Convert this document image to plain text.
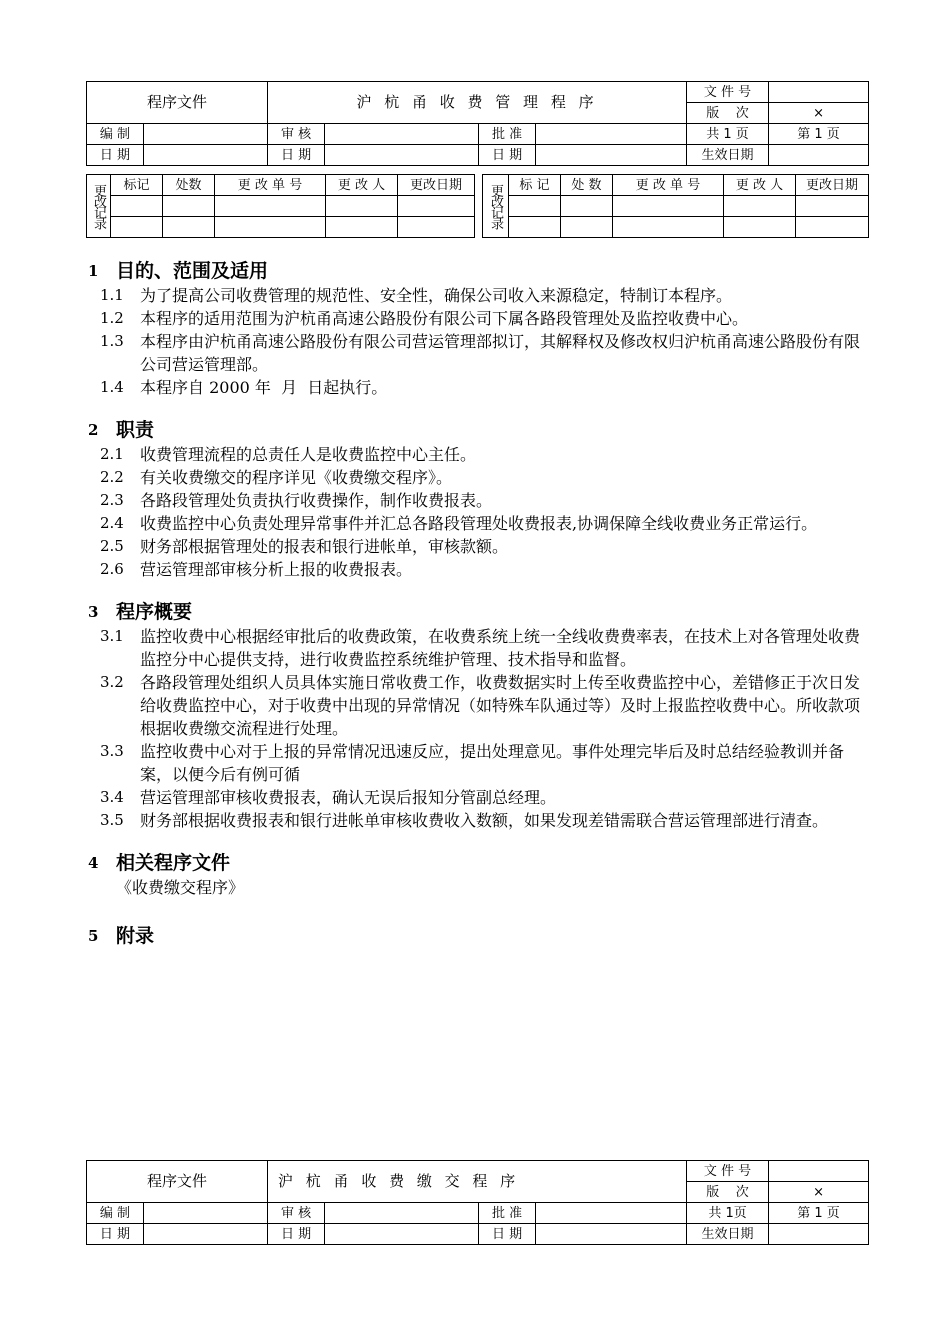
程序文件		沪 杭 甬 收 费 管 理 程 序				文 件 号	
						版    次	×
编 制		审 核		批 准		共 1 页	第 1 页
日 期		日 期		日 期		生效日期	
更改记录	标记	处数	更 改 单 号	更 改 人	更改日期

				更改记录	标 记	处 数	更 改 单 号	更 改 人	更改日期

1 目的、范围及适用
1.1	为了提高公司收费管理的规范性、安全性，确保公司收入来源稳定，特制订本程序。
1.2	本程序的适用范围为沪杭甬高速公路股份有限公司下属各路段管理处及监控收费中心。
1.3	本程序由沪杭甬高速公路股份有限公司营运管理部拟订，其解释权及修改权归沪杭甬高速公路股份有限公司营运管理部。
1.4	本程序自 2000 年  月  日起执行。
2 职责
2.1	收费管理流程的总责任人是收费监控中心主任。
2.2	有关收费缴交的程序详见《收费缴交程序》。
2.3	各路段管理处负责执行收费操作，制作收费报表。
2.4	收费监控中心负责处理异常事件并汇总各路段管理处收费报表,协调保障全线收费业务正常运行。
2.5	财务部根据管理处的报表和银行进帐单，审核款额。
2.6	营运管理部审核分析上报的收费报表。
3 程序概要
3.1	监控收费中心根据经审批后的收费政策，在收费系统上统一全线收费费率表，在技术上对各管理处收费监控分中心提供支持，进行收费监控系统维护管理、技术指导和监督。
3.2	各路段管理处组织人员具体实施日常收费工作，收费数据实时上传至收费监控中心，差错修正于次日发给收费监控中心，对于收费中出现的异常情况（如特殊车队通过等）及时上报监控收费中心。所收款项根据收费缴交流程进行处理。
3.3	监控收费中心对于上报的异常情况迅速反应，提出处理意见。事件处理完毕后及时总结经验教训并备案，以便今后有例可循
3.4	营运管理部审核收费报表，确认无误后报知分管副总经理。
3.5	财务部根据收费报表和银行进帐单审核收费收入数额，如果发现差错需联合营运管理部进行清查。
4 相关程序文件
《收费缴交程序》
5 附录
程序文件		沪 杭 甬 收 费 缴 交 程 序				文 件 号	
						版    次	×
编 制		审 核		批 准		共 1页	第 1 页
日 期		日 期		日 期		生效日期	
